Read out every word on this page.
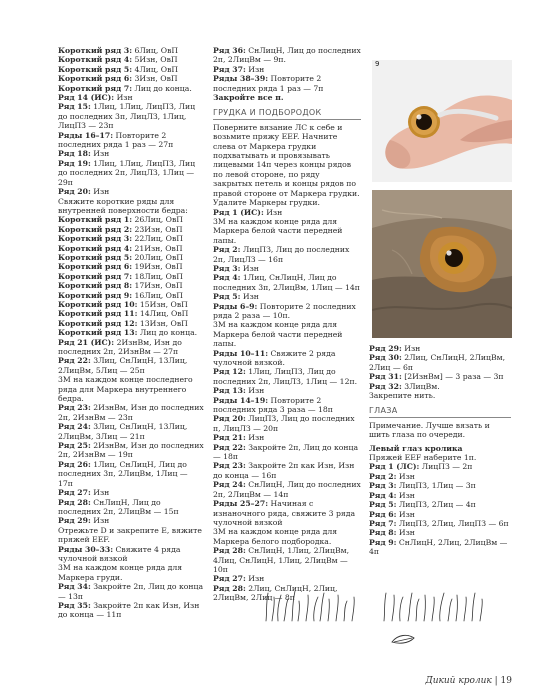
Короткий ряд 3: 6Лиц, ОвП
Короткий ряд 4: 5Изн, ОвП
Короткий ряд 5: 4Лиц, ОвП
Короткий ряд 6: 3Изн, ОвП
Короткий ряд 7: Лиц до конца.
Ряд 14 (ИС): Изн
Ряд 15: 1Лиц, 1Лиц, ЛицПЗ, Лиц до последних 3п, ЛицЛЗ, 1Лиц, ЛицПЗ — 23п
Ряды 16–17: Повторите 2 последних ряда 1 раз — 27п
Ряд 18: Изн
Ряд 19: 1Лиц, 1Лиц, ЛицПЗ, Лиц до последних 2п, ЛицЛЗ, 1Лиц — 29п
Ряд 20: Изн
Свяжите короткие ряды для внутренней поверхности бедра:
Короткий ряд 1: 26Лиц, ОвП
Короткий ряд 2: 23Изн, ОвП
Короткий ряд 3: 22Лиц, ОвП
Короткий ряд 4: 21Изн, ОвП
Короткий ряд 5: 20Лиц, ОвП
Короткий ряд 6: 19Изн, ОвП
Короткий ряд 7: 18Лиц, ОвП
Короткий ряд 8: 17Изн, ОвП
Короткий ряд 9: 16Лиц, ОвП
Короткий ряд 10: 15Изн, ОвП
Короткий ряд 11: 14Лиц, ОвП
Короткий ряд 12: 13Изн, ОвП
Короткий ряд 13: Лиц до конца.
Ряд 21 (ИС): 2ИзнВм, Изн до последних 2п, 2ИзнВм — 27п
Ряд 22: 3Лиц, СнЛицН, 13Лиц, 2ЛицВм, 5Лиц — 25п
3М на каждом конце последнего ряда для Маркера внутреннего бедра.
Ряд 23: 2ИзнВм, Изн до последних 2п, 2ИзнВм — 23п
Ряд 24: 3Лиц, СнЛицН, 13Лиц, 2ЛицВм, 3Лиц — 21п
Ряд 25: 2ИзнВм, Изн до последних 2п, 2ИзнВм — 19п
Ряд 26: 1Лиц, СнЛицН, Лиц до последних 3п, 2ЛицВм, 1Лиц — 17п
Ряд 27: Изн
Ряд 28: СнЛицН, Лиц до последних 2п, 2ЛицВм — 15п
Ряд 29: Изн
Отрежьте D и закрепите E, вяжите пряжей EEF.
Ряды 30–33: Свяжите 4 ряда чулочной вязкой
3М на каждом конце ряда для Маркера груди.
Ряд 34: Закройте 2п, Лиц до конца — 13п
Ряд 35: Закройте 2п как Изн, Изн до конца — 11п
Ряд 36: СнЛицН, Лиц до последних 2п, 2ЛицВм — 9п.
Ряд 37: Изн
Ряды 38–39: Повторите 2 последних ряда 1 раз — 7п
Закройте все п.
ГРУДКА И ПОДБОРОДОК
Поверните вязание ЛС к себе и возьмите пряжу EEF. Начните слева от Маркера грудки подхватывать и провязывать лицевыми 14п через концы рядов по левой стороне, по ряду закрытых петель и концы рядов по правой стороне от Маркера грудки.
Удалите Маркеры грудки.
Ряд 1 (ИС): Изн
3М на каждом конце ряда для Маркера белой части передней лапы.
Ряд 2: ЛицПЗ, Лиц до последних 2п, ЛицЛЗ — 16п
Ряд 3: Изн
Ряд 4: 1Лиц, СнЛицН, Лиц до последних 3п, 2ЛицВм, 1Лиц — 14п
Ряд 5: Изн
Ряды 6–9: Повторите 2 последних ряда 2 раза — 10п.
3М на каждом конце ряда для Маркера белой части передней лапы.
Ряды 10–11: Свяжите 2 ряда чулочной вязкой.
Ряд 12: 1Лиц, ЛицПЗ, Лиц до последних 2п, ЛицЛЗ, 1Лиц — 12п.
Ряд 13: Изн
Ряды 14–19: Повторите 2 последних ряда 3 раза — 18п
Ряд 20: ЛицПЗ, Лиц до последних п, ЛицЛЗ — 20п
Ряд 21: Изн
Ряд 22: Закройте 2п, Лиц до конца — 18п
Ряд 23: Закройте 2п как Изн, Изн до конца — 16п
Ряд 24: СнЛицН, Лиц до последних 2п, 2ЛицВм — 14п
Ряды 25–27: Начиная с изнаночного ряда, свяжите 3 ряда чулочной вязкой
3М на каждом конце ряда для Маркера белого подбородка.
Ряд 28: СнЛицН, 1Лиц, 2ЛицВм, 4Лиц, СнЛицН, 1Лиц, 2ЛицВм — 10п
Ряд 27: Изн
Ряд 28: 2Лиц, СнЛицН, 2Лиц, 2ЛицВм, 2Лиц — 8п
9
Ряд 29: Изн
Ряд 30: 2Лиц, СнЛицН, 2ЛицВм, 2Лиц — 6п
Ряд 31: [2ИзнВм] — 3 раза — 3п
Ряд 32: 3ЛицВм.
Закрепите нить.
ГЛАЗА
Примечание. Лучше вязать и шить глаза по очереди.
Левый глаз кролика
Пряжей EEF наберите 1п.
Ряд 1 (ЛС): ЛицПЗ — 2п
Ряд 2: Изн
Ряд 3: ЛицПЗ, 1Лиц — 3п
Ряд 4: Изн
Ряд 5: ЛицПЗ, 2Лиц — 4п
Ряд 6: Изн
Ряд 7: ЛицПЗ, 2Лиц, ЛицПЗ — 6п
Ряд 8: Изн
Ряд 9: СнЛицН, 2Лиц, 2ЛицВм — 4п
Дикий кролик | 19
